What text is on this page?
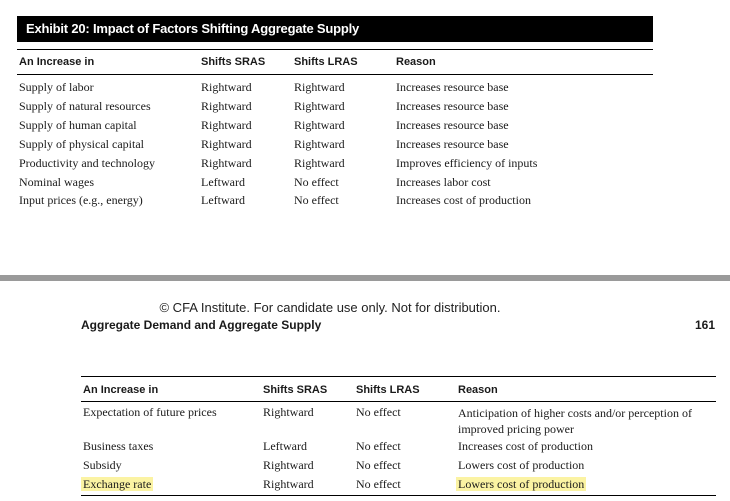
Exhibit 20: Impact of Factors Shifting Aggregate Supply
An Increase in	Shifts SRAS	Shifts LRAS	Reason
Supply of labor	Rightward	Rightward	Increases resource base
Supply of natural resources	Rightward	Rightward	Increases resource base
Supply of human capital	Rightward	Rightward	Increases resource base
Supply of physical capital	Rightward	Rightward	Increases resource base
Productivity and technology	Rightward	Rightward	Improves efficiency of inputs
Nominal wages	Leftward	No effect	Increases labor cost
Input prices (e.g., energy)	Leftward	No effect	Increases cost of production
© CFA Institute. For candidate use only. Not for distribution.
Aggregate Demand and Aggregate Supply	161
An Increase in	Shifts SRAS	Shifts LRAS	Reason
Expectation of future prices	Rightward	No effect	Anticipation of higher costs and/or perception of improved pricing power
Business taxes	Leftward	No effect	Increases cost of production
Subsidy	Rightward	No effect	Lowers cost of production
Exchange rate	Rightward	No effect	Lowers cost of production
